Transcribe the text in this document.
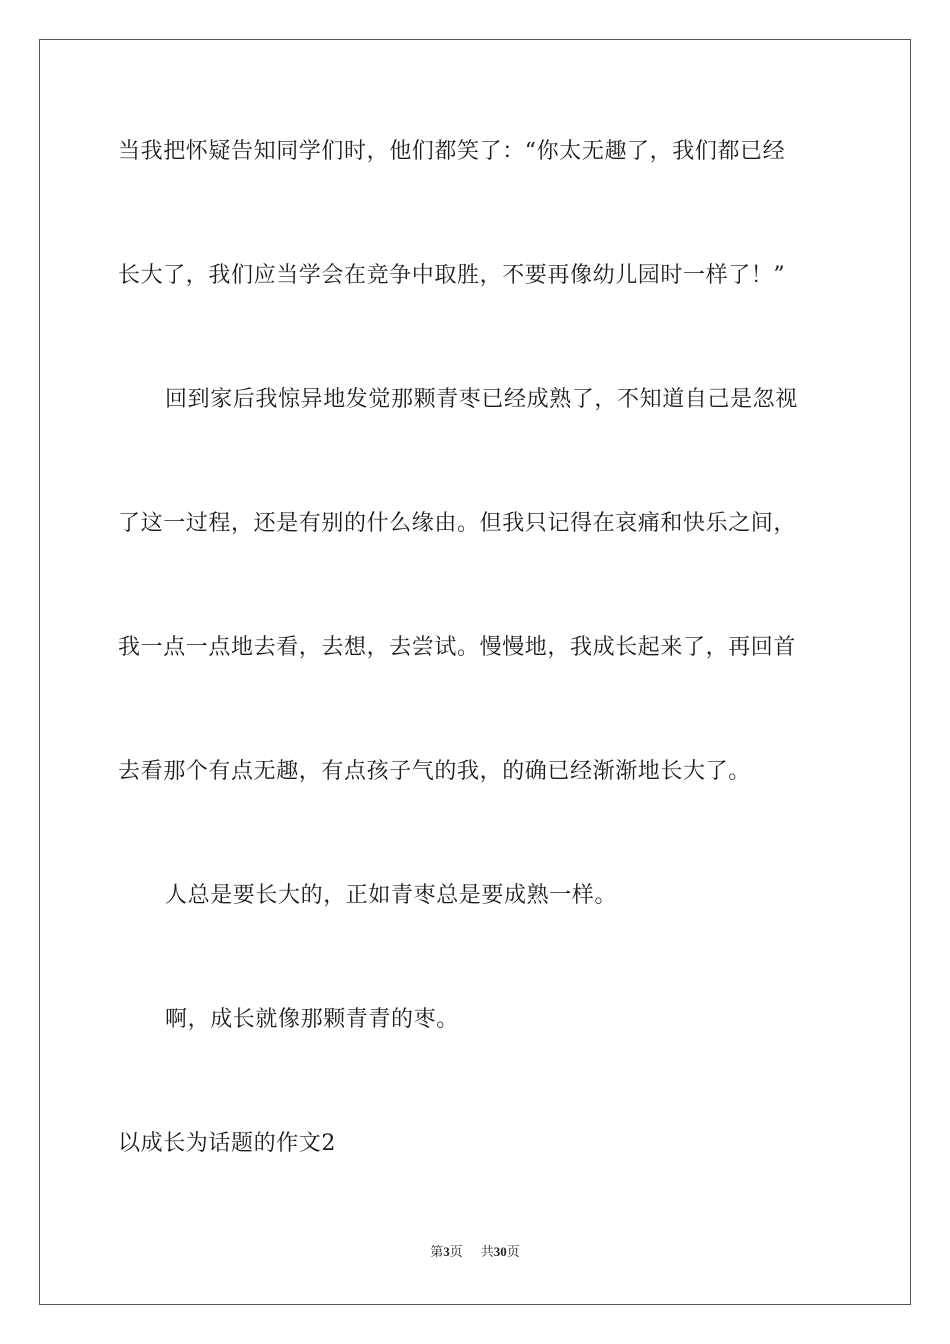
当我把怀疑告知同学们时，他们都笑了：“你太无趣了，我们都已经
长大了，我们应当学会在竞争中取胜，不要再像幼儿园时一样了！”
回到家后我惊异地发觉那颗青枣已经成熟了，不知道自己是忽视
了这一过程，还是有别的什么缘由。但我只记得在哀痛和快乐之间，
我一点一点地去看，去想，去尝试。慢慢地，我成长起来了，再回首
去看那个有点无趣，有点孩子气的我，的确已经渐渐地长大了。
人总是要长大的，正如青枣总是要成熟一样。
啊，成长就像那颗青青的枣。
以成长为话题的作文2
第3页 共30页
